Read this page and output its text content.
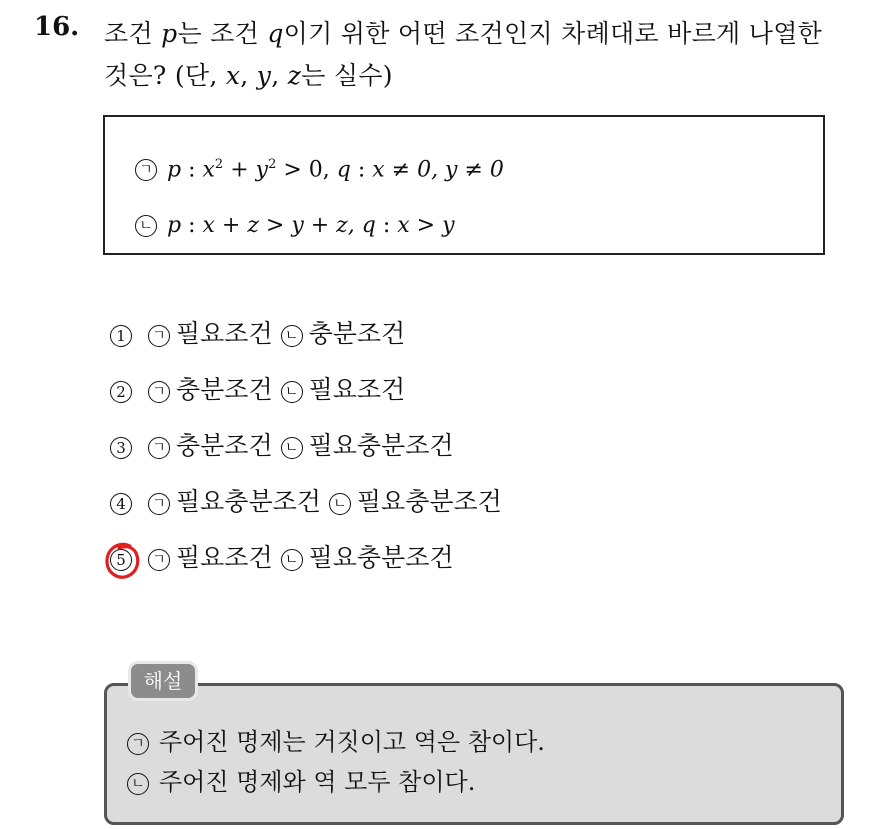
16. 조건 p는 조건 q이기 위한 어떤 조건인지 차례대로 바르게 나열한
것은? (단, x, y, z는 실수)
ㄱ p : $x^2 + y^2 > 0$, q : x ≠ 0, y ≠ 0
ㄴ p : x + z > y + z, q : x > y
1 ㄱ 필요조건 ㄴ 충분조건
2 ㄱ 충분조건 ㄴ 필요조건
3 ㄱ 충분조건 ㄴ 필요충분조건
4 ㄱ 필요충분조건 ㄴ 필요충분조건
5 ㄱ 필요조건 ㄴ 필요충분조건
ㄱ 주어진 명제는 거짓이고 역은 참이다.
ㄴ 주어진 명제와 역 모두 참이다.
해설
